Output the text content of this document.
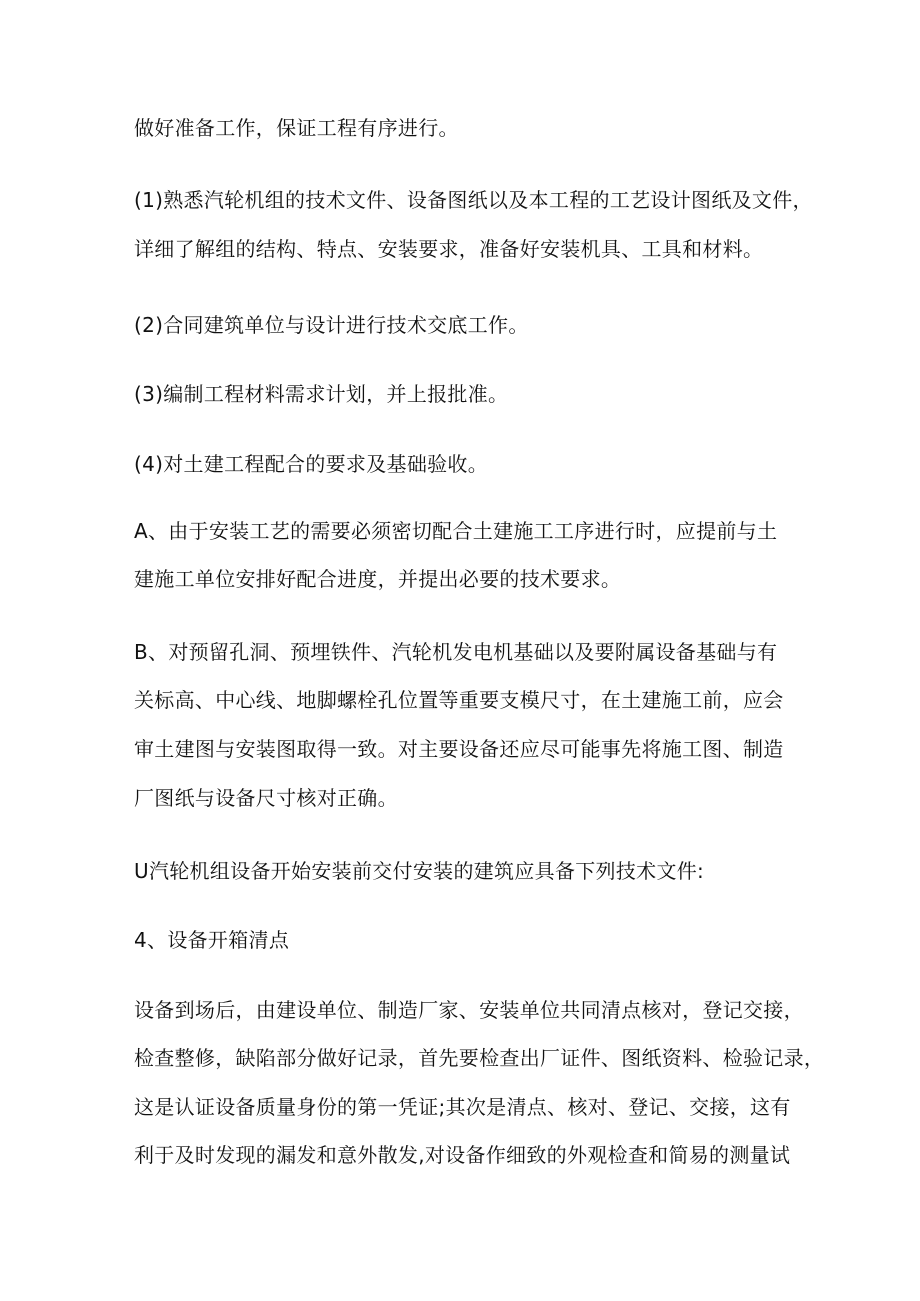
做好准备工作，保证工程有序进行。
(1)熟悉汽轮机组的技术文件、设备图纸以及本工程的工艺设计图纸及文件，
详细了解组的结构、特点、安装要求，准备好安装机具、工具和材料。
(2)合同建筑单位与设计进行技术交底工作。
(3)编制工程材料需求计划，并上报批准。
(4)对土建工程配合的要求及基础验收。
A、由于安装工艺的需要必须密切配合土建施工工序进行时，应提前与土
建施工单位安排好配合进度，并提出必要的技术要求。
B、对预留孔洞、预埋铁件、汽轮机发电机基础以及要附属设备基础与有
关标高、中心线、地脚螺栓孔位置等重要支模尺寸，在土建施工前，应会
审土建图与安装图取得一致。对主要设备还应尽可能事先将施工图、制造
厂图纸与设备尺寸核对正确。
U汽轮机组设备开始安装前交付安装的建筑应具备下列技术文件:
4、设备开箱清点
设备到场后，由建设单位、制造厂家、安装单位共同清点核对，登记交接，
检查整修，缺陷部分做好记录，首先要检查出厂证件、图纸资料、检验记录，
这是认证设备质量身份的第一凭证;其次是清点、核对、登记、交接，这有
利于及时发现的漏发和意外散发,对设备作细致的外观检查和简易的测量试
